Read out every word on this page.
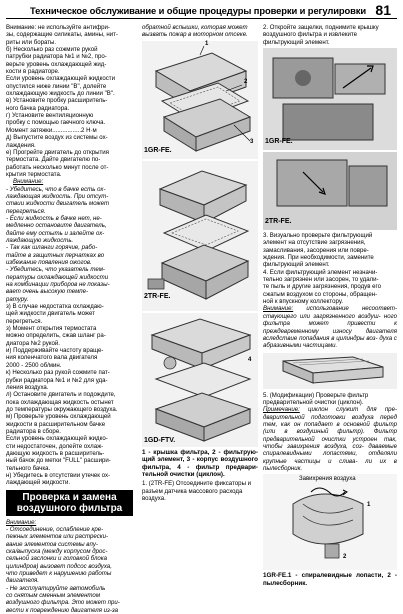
Техническое обслуживание и общие процедуры проверки и регулировки 81

Внимание: не используйте антифри-

зы, содержащие силикаты, амины, нит-

риты или бораты.

б) Несколько раз сожмите рукой

патрубки радиатора №1 и №2, про-

верьте уровень охлаждающей жид-

кости в радиаторе.

Если уровень охлаждающей жидкости

опустился ниже линии "B", долейте

охлаждающую жидкость до линии "B".

в) Установите пробку расширитель-

ного бачка радиатора.

г) Установите вентиляционную

пробку с помощью гаечного ключа.

Момент затяжки.................2 Н·м

д) Выпустите воздух из системы ох-

лаждения.

е) Прогрейте двигатель до открытия

термостата. Дайте двигателю по-

работать несколько минут после от-

крытия термостата.

Внимание:

- Убедитесь, что в бачке есть ох-

лаждающая жидкость. При отсут-

ствии жидкости двигатель может

перегреться.

- Если жидкость в бачке нет, не-

медленно остановите двигатель,

дайте ему остыть и залейте ох-

лаждающую жидкость.

- Так как шланги горячие, рабо-

тайте в защитных перчатках во

избежание появления ожогов.

- Убедитесь, что указатель тем-

пературы охлаждающей жидкости

на комбинации приборов не показы-

вает очень высокую темпе-

ратуру.

з) В случае недостатка охлаждаю-

щей жидкости двигатель может

перегреться.

з) Момент открытия термостата

можно определить, сжав шланг ра-

диатора №2 рукой.

и) Поддерживайте частоту враще-

ния коленчатого вала двигателя

2000 - 2500 об/мин.

к) Несколько раз рукой сожмите пат-

рубки радиатора №1 и №2 для уда-

ления воздуха.

л) Остановите двигатель и подождите,

пока охлаждающая жидкость остынет

до температуры окружающего воздуха.

м) Проверьте уровень охлаждающей

жидкости в расширительном бачке

радиатора в сборе.

Если уровень охлаждающей жидко-

сти недостаточен, долейте охлаж-

дающую жидкость в расширитель-

ный бачок до метки "FULL" расшири-

тельного бачка.

н) Убедитесь в отсутствии утечек ох-

лаждающей жидкости.

Проверка и замена воздушного фильтра

Внимание:

- Отсоединение, ослабление кре-

пежных элементов или растрески-

вание элементов системы впу-

ска/выпуска (между корпусом дрос-

сельной заслонки и головкой блока

цилиндров) вызовет подсос воздуха,

что приведет к нарушению работы

двигателя.

- Не эксплуатируйте автомобиль

со снятым сменным элементом

воздушного фильтра. Это может при-

вести к повреждению двигателя из-за

обратной вспышки, которая может

вызвать пожар в моторном отсеке.

1GR-FE.
1
2
3
2TR-FE.
1GD-FTV.
4

1 - крышка фильтра, 2 - фильтрую-щий элемент, 3 - корпус воздушного фильтра, 4 - фильтр предвари-тельной очистки (циклон).

1. (2TR-FE) Отсоедините фиксаторы и

разъем датчика массового расхода

воздуха.

2. Откройте защелки, поднимите крышку

воздушного фильтра и извлеките

фильтрующий элемент.

1GR-FE.
2TR-FE.

3. Визуально проверьте фильтрующий

элемент на отсутствие загрязнения,

замасливания, засорения или повре-

ждения. При необходимости, замените

фильтрующий элемент.

4. Если фильтрующий элемент незначи-

тельно загрязнен или засорен, то удали-

те пыль и другие загрязнения, продув его

сжатым воздухом со стороны, обращен-

ной к впускному коллектору.

Внимание: использование несоответ- ствующего или загрязненного воздуш- ного фильтра может привести к преждевременному износу двигателя вследствие попадания в цилиндры воз- духа с абразивными частицами.

5. (Модификации) Проверьте фильтр

предварительной очистки (циклон).

Примечание: циклон служит для пре- дварительной подготовки воздуха перед тем, как он попадает в основной фильтр (или в воздушный фильтр). Фильтр предварительной очистки устроен так, чтобы завихрения воздуха, соз- даваемые спиралевидными лопастями, отделяли крупные частицы и слива- ли их в пылесборник.

Завихрения воздуха
1
2

1GR-FE.1 - спиралевидные лопасти, 2 - пылесборник.
